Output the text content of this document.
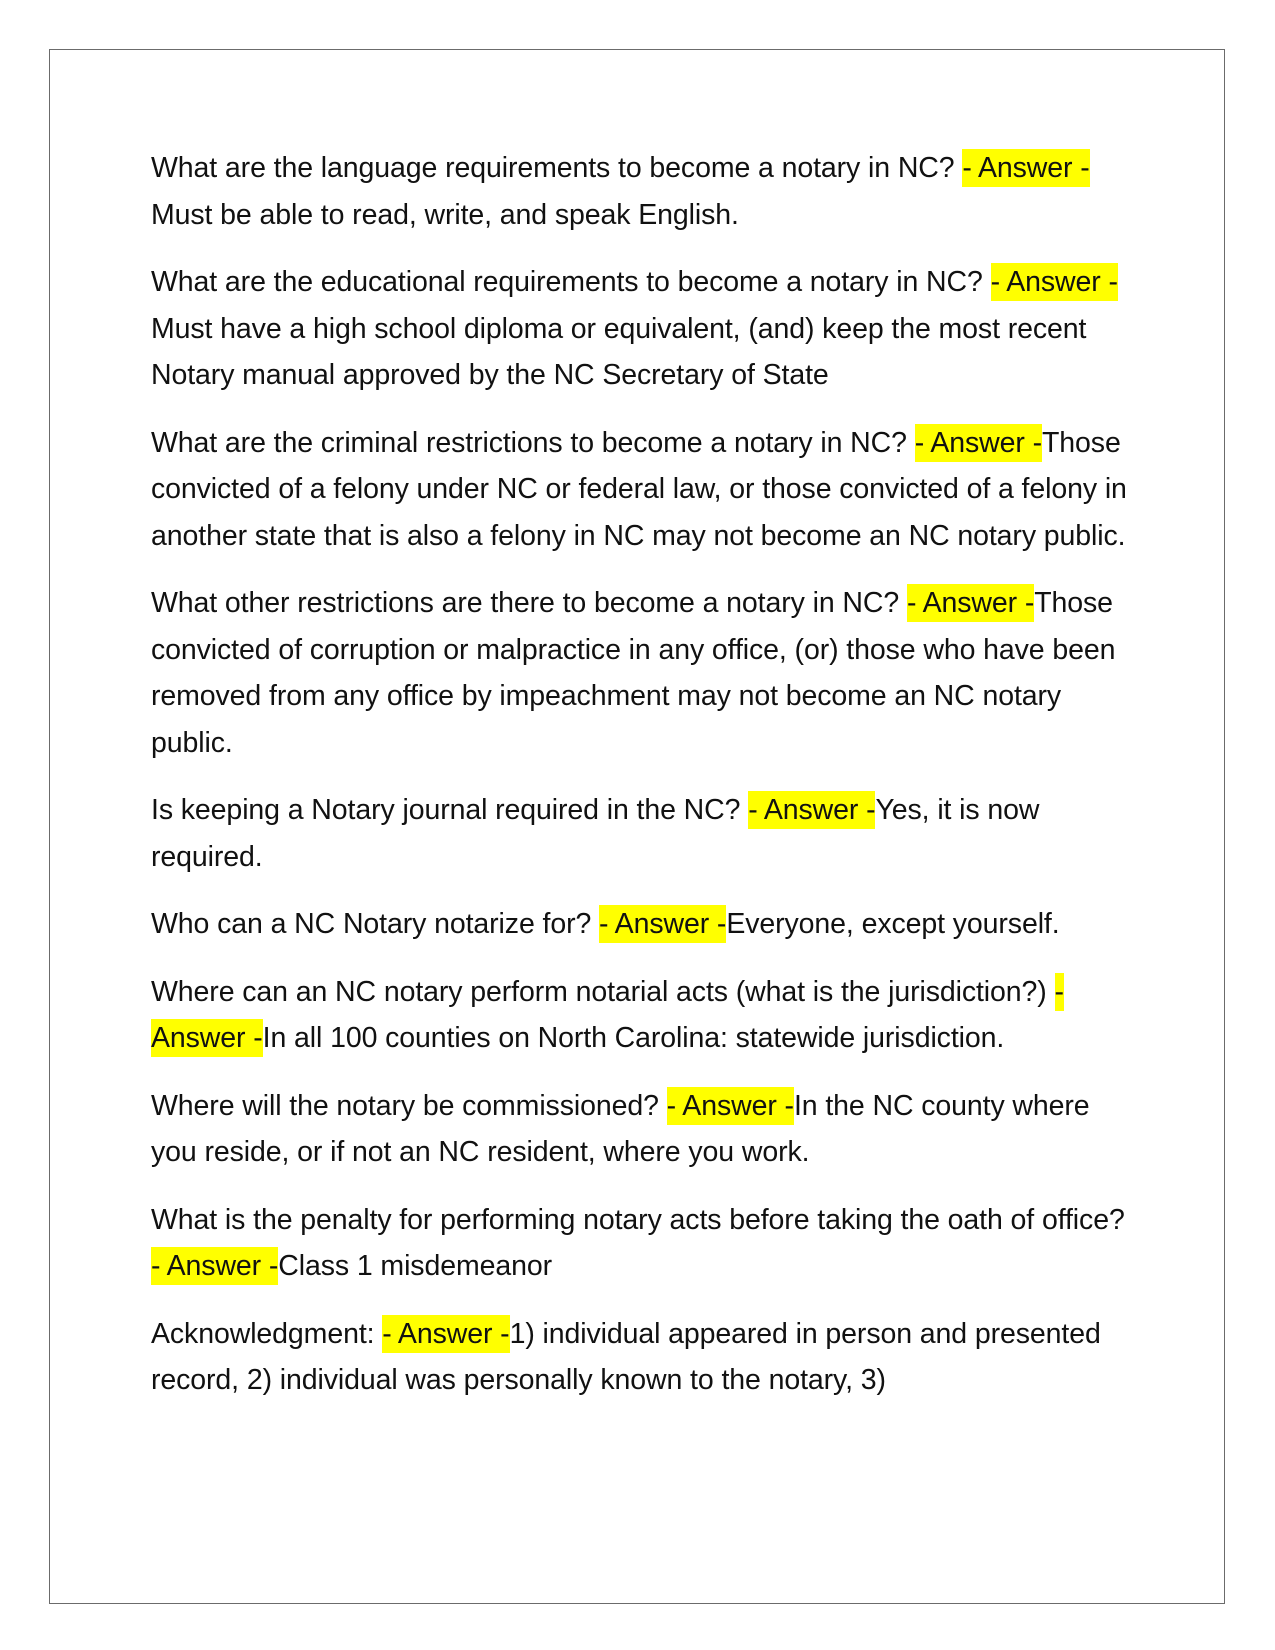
What are the language requirements to become a notary in NC? - Answer -Must be able to read, write, and speak English.

What are the educational requirements to become a notary in NC? - Answer -Must have a high school diploma or equivalent, (and) keep the most recent Notary manual approved by the NC Secretary of State

What are the criminal restrictions to become a notary in NC? - Answer -Those convicted of a felony under NC or federal law, or those convicted of a felony in another state that is also a felony in NC may not become an NC notary public.

What other restrictions are there to become a notary in NC? - Answer -Those convicted of corruption or malpractice in any office, (or) those who have been removed from any office by impeachment may not become an NC notary public.

Is keeping a Notary journal required in the NC? - Answer -Yes, it is now required.

Who can a NC Notary notarize for? - Answer -Everyone, except yourself.

Where can an NC notary perform notarial acts (what is the jurisdiction?) - Answer -In all 100 counties on North Carolina: statewide jurisdiction.

Where will the notary be commissioned? - Answer -In the NC county where you reside, or if not an NC resident, where you work.

What is the penalty for performing notary acts before taking the oath of office? - Answer -Class 1 misdemeanor

Acknowledgment: - Answer -1) individual appeared in person and presented record, 2) individual was personally known to the notary, 3)
